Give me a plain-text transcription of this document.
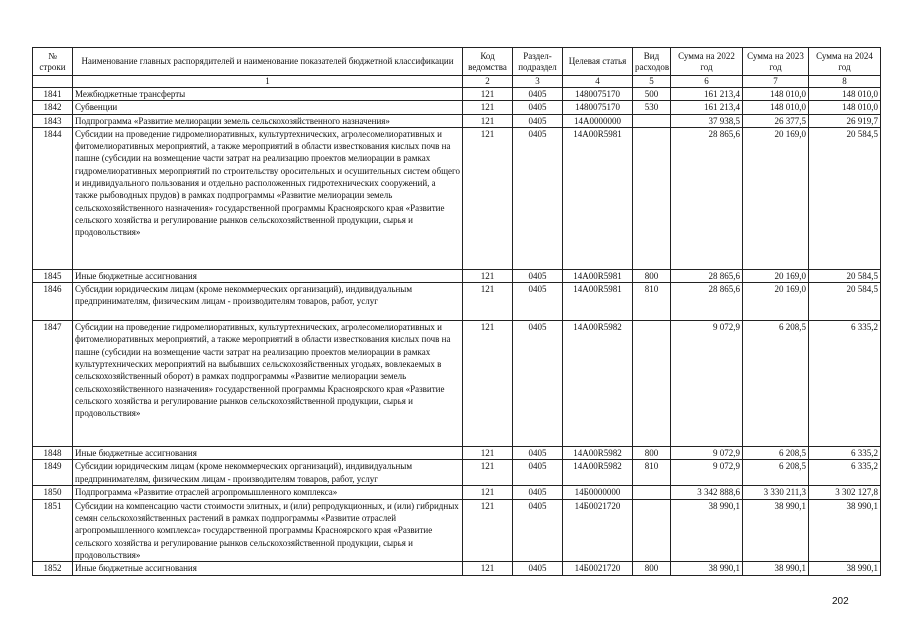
№ строки	Наименование главных распорядителей и наименование показателей бюджетной классификации	Код ведомства	Раздел-подраздел	Целевая статья	Вид расходов	Сумма на 2022 год	Сумма на 2023 год	Сумма на 2024 год
	1	2	3	4	5	6	7	8
1841	Межбюджетные трансферты	121	0405	1480075170	500	161 213,4	148 010,0	148 010,0
1842	Субвенции	121	0405	1480075170	530	161 213,4	148 010,0	148 010,0
1843	Подпрограмма «Развитие мелиорации земель сельскохозяйственного назначения»	121	0405	14А0000000		37 938,5	26 377,5	26 919,7
1844	Субсидии на проведение гидромелиоративных, культуртехнических, агролесомелиоративных и фитомелиоративных мероприятий, а также мероприятий в области известкования кислых почв на пашне (субсидии на возмещение части затрат на реализацию проектов мелиорации в рамках гидромелиоративных мероприятий по строительству оросительных и осушительных систем общего и индивидуального пользования и отдельно расположенных гидротехнических сооружений, а также рыбоводных прудов) в рамках подпрограммы «Развитие мелиорации земель сельскохозяйственного назначения» государственной программы Красноярского края «Развитие сельского хозяйства и регулирование рынков сельскохозяйственной продукции, сырья и продовольствия»	121	0405	14А00R5981		28 865,6	20 169,0	20 584,5
1845	Иные бюджетные ассигнования	121	0405	14А00R5981	800	28 865,6	20 169,0	20 584,5
1846	Субсидии юридическим лицам (кроме некоммерческих организаций), индивидуальным предпринимателям, физическим лицам - производителям товаров, работ, услуг	121	0405	14А00R5981	810	28 865,6	20 169,0	20 584,5
1847	Субсидии на проведение гидромелиоративных, культуртехнических, агролесомелиоративных и фитомелиоративных мероприятий, а также мероприятий в области известкования кислых почв на пашне (субсидии на возмещение части затрат на реализацию проектов мелиорации в рамках культуртехнических мероприятий на выбывших сельскохозяйственных угодьях, вовлекаемых в сельскохозяйственный оборот) в рамках подпрограммы «Развитие мелиорации земель сельскохозяйственного назначения» государственной программы Красноярского края «Развитие сельского хозяйства и регулирование рынков сельскохозяйственной продукции, сырья и продовольствия»	121	0405	14А00R5982		9 072,9	6 208,5	6 335,2
1848	Иные бюджетные ассигнования	121	0405	14А00R5982	800	9 072,9	6 208,5	6 335,2
1849	Субсидии юридическим лицам (кроме некоммерческих организаций), индивидуальным предпринимателям, физическим лицам - производителям товаров, работ, услуг	121	0405	14А00R5982	810	9 072,9	6 208,5	6 335,2
1850	Подпрограмма «Развитие отраслей агропромышленного комплекса»	121	0405	14Б0000000		3 342 888,6	3 330 211,3	3 302 127,8
1851	Субсидии на компенсацию части стоимости элитных, и (или) репродукционных, и (или) гибридных семян сельскохозяйственных растений в рамках подпрограммы «Развитие отраслей агропромышленного комплекса» государственной программы Красноярского края «Развитие сельского хозяйства и регулирование рынков сельскохозяйственной продукции, сырья и продовольствия»	121	0405	14Б0021720		38 990,1	38 990,1	38 990,1
1852	Иные бюджетные ассигнования	121	0405	14Б0021720	800	38 990,1	38 990,1	38 990,1
202
